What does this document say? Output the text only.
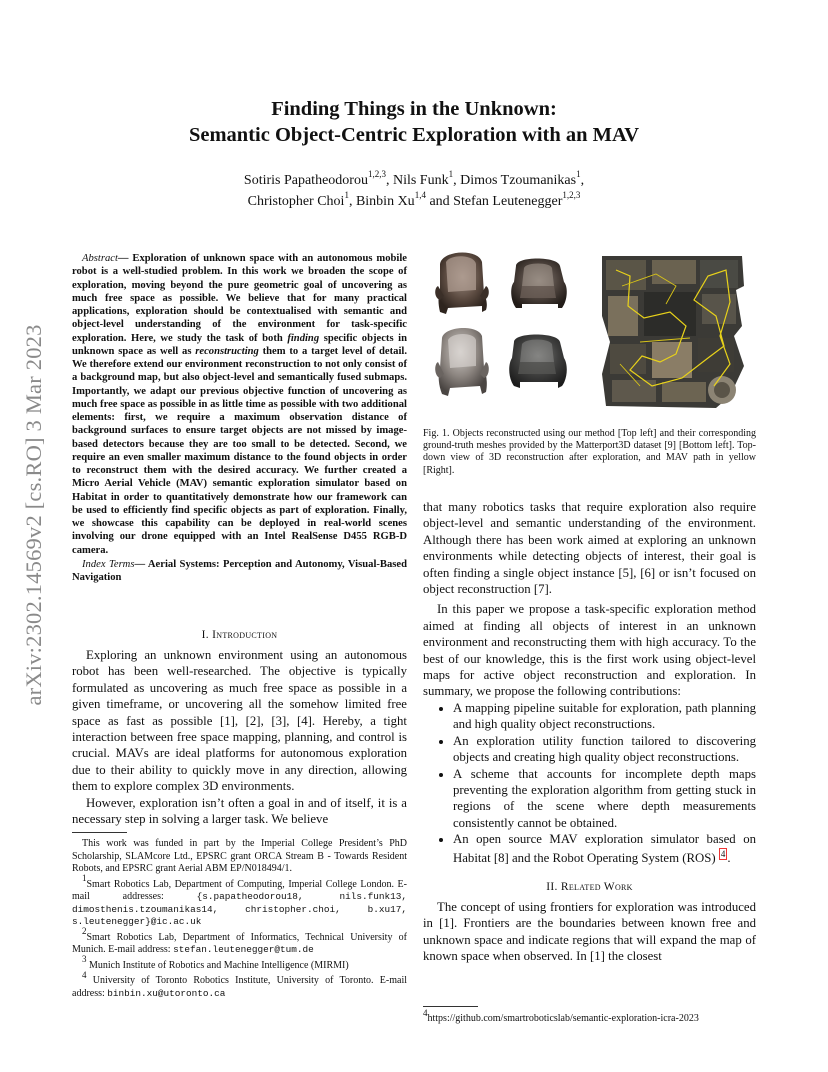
arXiv:2302.14569v2 [cs.RO] 3 Mar 2023
Finding Things in the Unknown:
Semantic Object-Centric Exploration with an MAV
Sotiris Papatheodorou$^{1,2,3}$, Nils Funk$^1$, Dimos Tzoumanikas$^1$,
Christopher Choi$^1$, Binbin Xu$^{1,4}$ and Stefan Leutenegger$^{1,2,3}$
Abstract— Exploration of unknown space with an autonomous mobile robot is a well-studied problem. In this work we broaden the scope of exploration, moving beyond the pure geometric goal of uncovering as much free space as possible. We believe that for many practical applications, exploration should be contextualised with semantic and object-level understanding of the environment for task-specific exploration. Here, we study the task of both finding specific objects in unknown space as well as reconstructing them to a target level of detail. We therefore extend our environment reconstruction to not only consist of a background map, but also object-level and semantically fused submaps. Importantly, we adapt our previous objective function of uncovering as much free space as possible in as little time as possible with two additional elements: first, we require a maximum observation distance of background surfaces to ensure target objects are not missed by image-based detectors because they are too small to be detected. Second, we require an even smaller maximum distance to the found objects in order to reconstruct them with the desired accuracy. We further created a Micro Aerial Vehicle (MAV) semantic exploration simulator based on Habitat in order to quantitatively demonstrate how our framework can be used to efficiently find specific objects as part of exploration. Finally, we showcase this capability can be deployed in real-world scenes involving our drone equipped with an Intel RealSense D455 RGB-D camera.
Index Terms— Aerial Systems: Perception and Autonomy, Visual-Based Navigation
I. Introduction

Exploring an unknown environment using an autonomous robot has been well-researched. The objective is typically formulated as uncovering as much free space as possible in a given timeframe, or uncovering all the somehow limited free space as fast as possible [1], [2], [3], [4]. Hereby, a tight interaction between free space mapping, planning, and control is crucial. MAVs are ideal platforms for autonomous exploration due to their ability to quickly move in any direction, allowing them to explore complex 3D environments.

However, exploration isn’t often a goal in and of itself, it is a necessary step in solving a larger task. We believe

This work was funded in part by the Imperial College President’s PhD Scholarship, SLAMcore Ltd., EPSRC grant ORCA Stream B - Towards Resident Robots, and EPSRC grant Aerial ABM EP/N018494/1.

$^1$Smart Robotics Lab, Department of Computing, Imperial College London. E-mail addresses: {s.papatheodorou18, nils.funk13, dimosthenis.tzoumanikas14, christopher.choi, b.xu17, s.leutenegger}@ic.ac.uk

$^2$Smart Robotics Lab, Department of Informatics, Technical University of Munich. E-mail address: stefan.leutenegger@tum.de

$^3$ Munich Institute of Robotics and Machine Intelligence (MIRMI)

$^4$ University of Toronto Robotics Institute, University of Toronto. E-mail address: binbin.xu@utoronto.ca

Fig. 1. Objects reconstructed using our method [Top left] and their corresponding ground-truth meshes provided by the Matterport3D dataset [9] [Bottom left]. Top-down view of 3D reconstruction after exploration, and MAV path in yellow [Right].

that many robotics tasks that require exploration also require object-level and semantic understanding of the environment. Although there has been work aimed at exploring an unknown environments while detecting objects of interest, their goal is often finding a single object instance [5], [6] or isn’t focused on object reconstruction [7].

In this paper we propose a task-specific exploration method aimed at finding all objects of interest in an unknown environment and reconstructing them with high accuracy. To the best of our knowledge, this is the first work using object-level maps for active object reconstruction and exploration. In summary, we propose the following contributions:

• A mapping pipeline suitable for exploration, path planning and high quality object reconstructions.
• An exploration utility function tailored to discovering objects and creating high quality object reconstructions.
• A scheme that accounts for incomplete depth maps preventing the exploration algorithm from getting stuck in regions of the scene where depth measurements consistently cannot be obtained.
• An open source MAV exploration simulator based on Habitat [8] and the Robot Operating System (ROS) 4 .
II. Related Work

The concept of using frontiers for exploration was introduced in [1]. Frontiers are the boundaries between known free and unknown space and indicate regions that will expand the map of known space when observed. In [1] the closest

$^4$https://github.com/smartroboticslab/semantic-exploration-icra-2023
